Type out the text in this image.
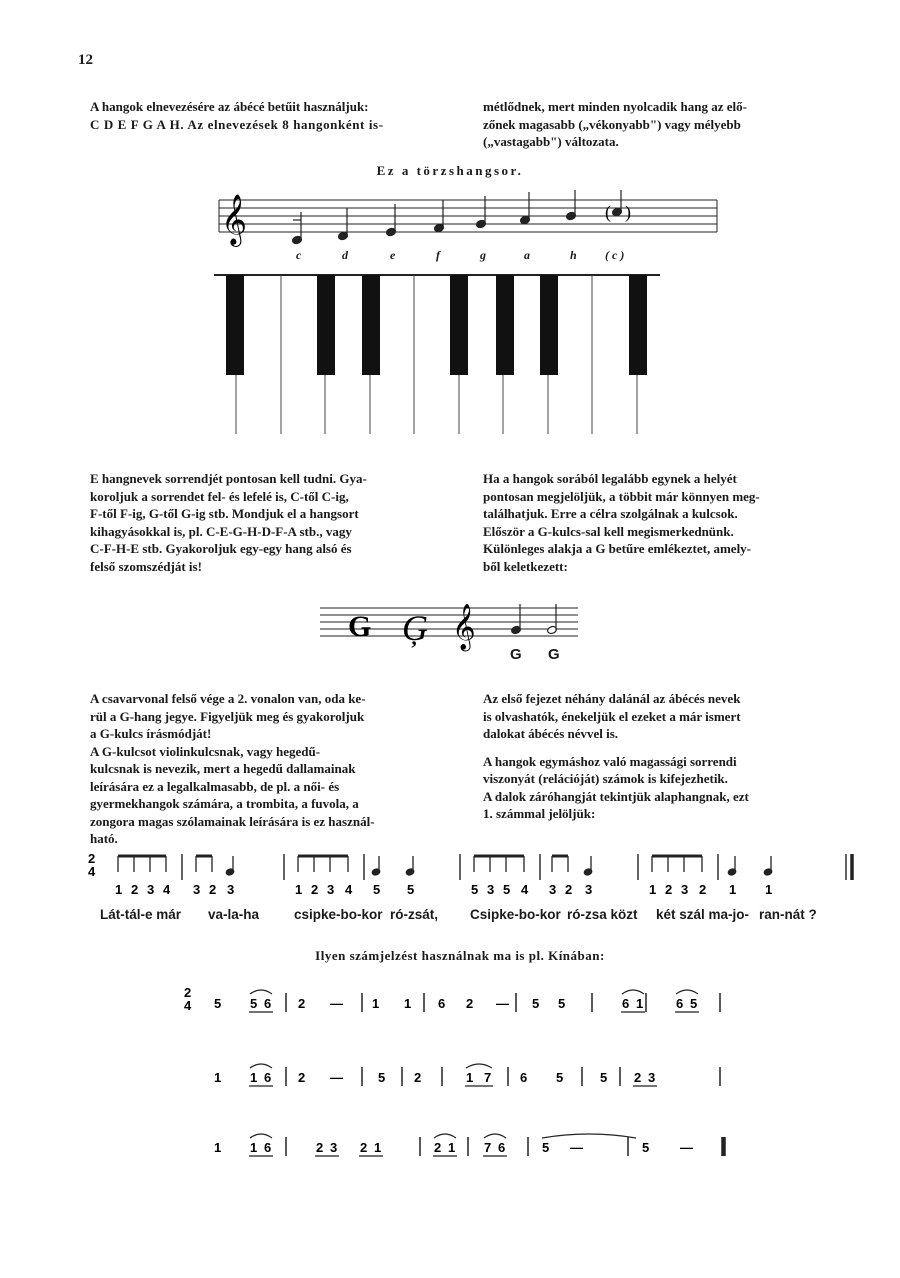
12

A hangok elnevezésére az ábécé betűit használjuk:

C D E F G A H. Az elnevezések 8 hangonként is-

métlődnek, mert minden nyolcadik hang az elő-

zőnek magasabb („vékonyabb") vagy mélyebb

(„vastagabb") változata.

Ez a törzshangsor.
𝄞	( )
c	d	e	f	g	a	h (c)

E hangnevek sorrendjét pontosan kell tudni. Gya-

koroljuk a sorrendet fel- és lefelé is, C-től C-ig,

F-től F-ig, G-től G-ig stb. Mondjuk el a hangsort

kihagyásokkal is, pl. C-E-G-H-D-F-A stb., vagy

C-F-H-E stb. Gyakoroljuk egy-egy hang alsó és

felső szomszédját is!

Ha a hangok sorából legalább egynek a helyét

pontosan megjelöljük, a többit már könnyen meg-

találhatjuk. Erre a célra szolgálnak a kulcsok.

Először a G-kulcs-sal kell megismerkednünk.

Különleges alakja a G betűre emlékeztet, amely-

ből keletkezett:

G Ģ 𝄞
G G

A csavarvonal felső vége a 2. vonalon van, oda ke-

rül a G-hang jegye. Figyeljük meg és gyakoroljuk

a G-kulcs írásmódját!

A G-kulcsot violinkulcsnak, vagy hegedű-

kulcsnak is nevezik, mert a hegedű dallamainak

leírására ez a legalkalmasabb, de pl. a női- és

gyermekhangok számára, a trombita, a fuvola, a

zongora magas szólamainak leírására is ez használ-

ható.

Az első fejezet néhány dalánál az ábécés nevek

is olvashatók, énekeljük el ezeket a már ismert

dalokat ábécés névvel is.

A hangok egymáshoz való magassági sorrendi

viszonyát (relációját) számok is kifejezhetik.

A dalok záróhangját tekintjük alaphangnak, ezt

1. számmal jelöljük:

2
4
1 2 3 4 3 2 3	1 2 3 4 5 5	5 3 5 4 3 2 3	1 2 3 2 1 1
Lát-tál-e már va-la-ha	csipke-bo-kor ró-zsát, Csipke-bo-kor ró-zsa közt két szál ma-jo- ran-nát ?
Ilyen számjelzést használnak ma is pl. Kínában:
2
4 5 5 6 2 — 1 1 6 2 — 5 5	6 1	6 5
1 1 6 2 —	5 2	1 7 6 5	5 2 3
1 1 6	2 3 2 1	2 1 7 6	5 —	5 —
